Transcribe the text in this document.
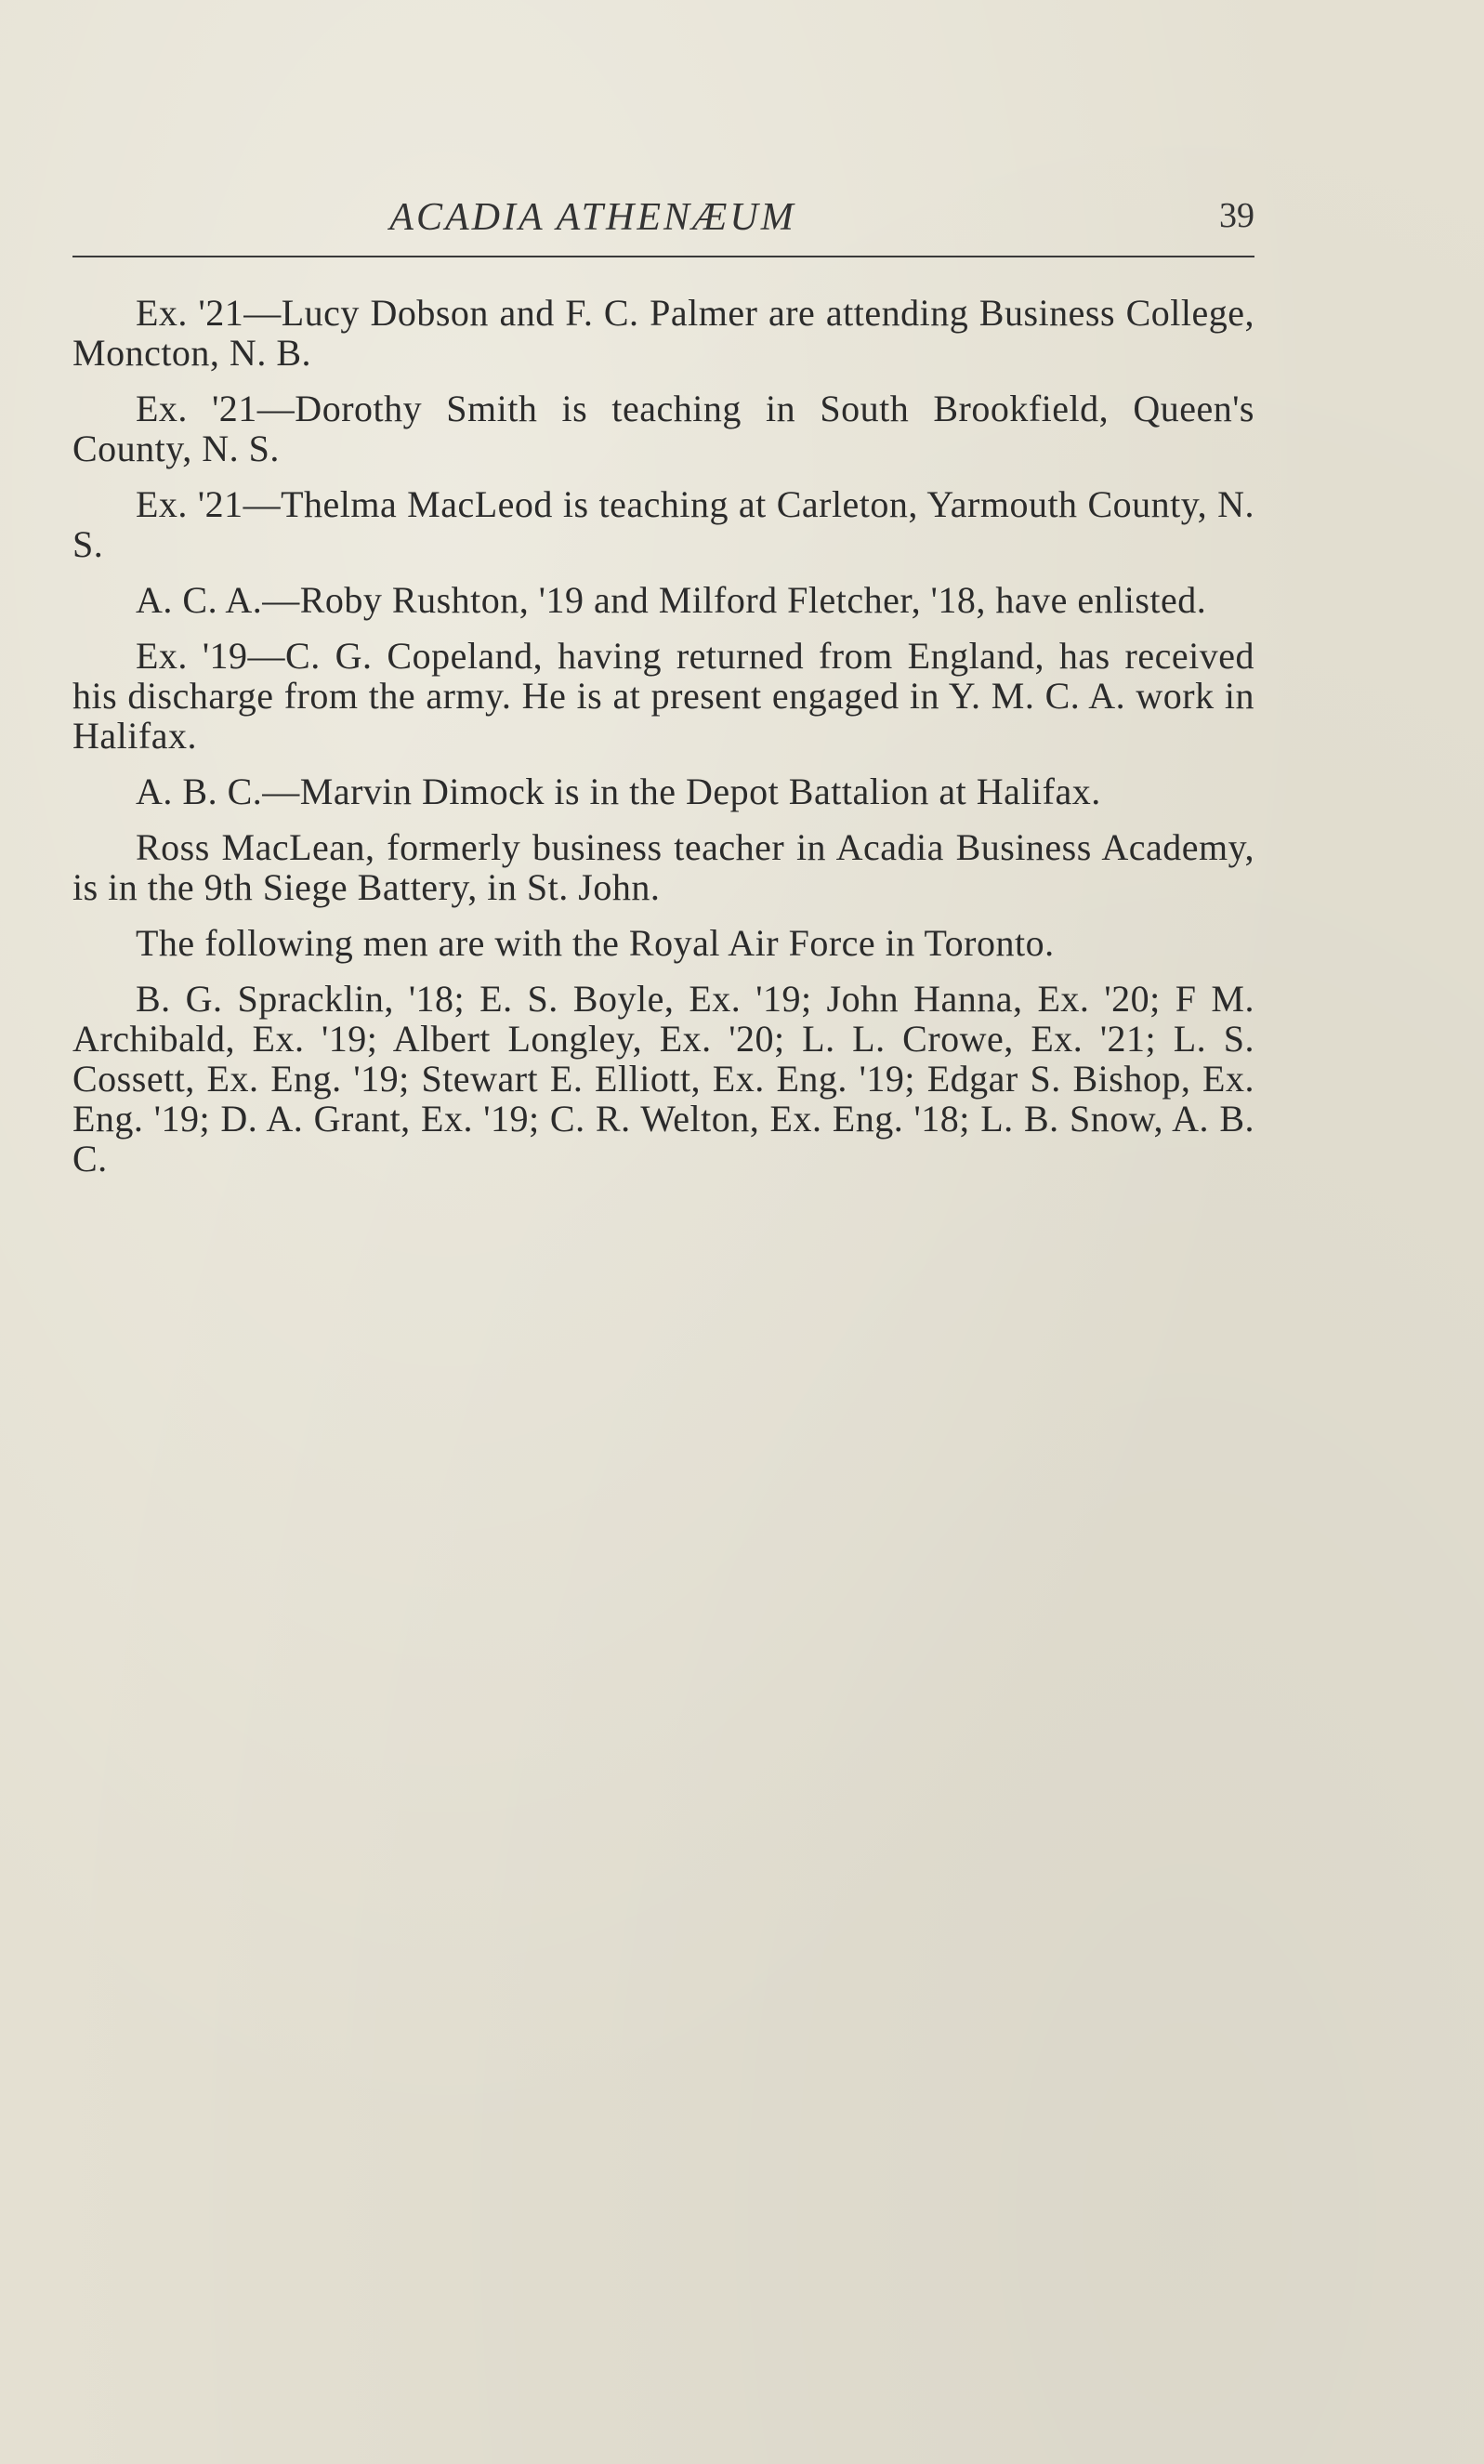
ACADIA ATHENÆUM	39

Ex. '21—Lucy Dobson and F. C. Palmer are attending Business College, Moncton, N. B.

Ex. '21—Dorothy Smith is teaching in South Brookfield, Queen's County, N. S.

Ex. '21—Thelma MacLeod is teaching at Carleton, Yarmouth County, N. S.

A. C. A.—Roby Rushton, '19 and Milford Fletcher, '18, have enlisted.

Ex. '19—C. G. Copeland, having returned from England, has received his discharge from the army. He is at present engaged in Y. M. C. A. work in Halifax.

A. B. C.—Marvin Dimock is in the Depot Battalion at Halifax.

Ross MacLean, formerly business teacher in Acadia Business Academy, is in the 9th Siege Battery, in St. John.

The following men are with the Royal Air Force in Toronto.

B. G. Spracklin, '18; E. S. Boyle, Ex. '19; John Hanna, Ex. '20; F M. Archibald, Ex. '19; Albert Longley, Ex. '20; L. L. Crowe, Ex. '21; L. S. Cossett, Ex. Eng. '19; Stewart E. Elliott, Ex. Eng. '19; Edgar S. Bishop, Ex. Eng. '19; D. A. Grant, Ex. '19; C. R. Welton, Ex. Eng. '18; L. B. Snow, A. B. C.
